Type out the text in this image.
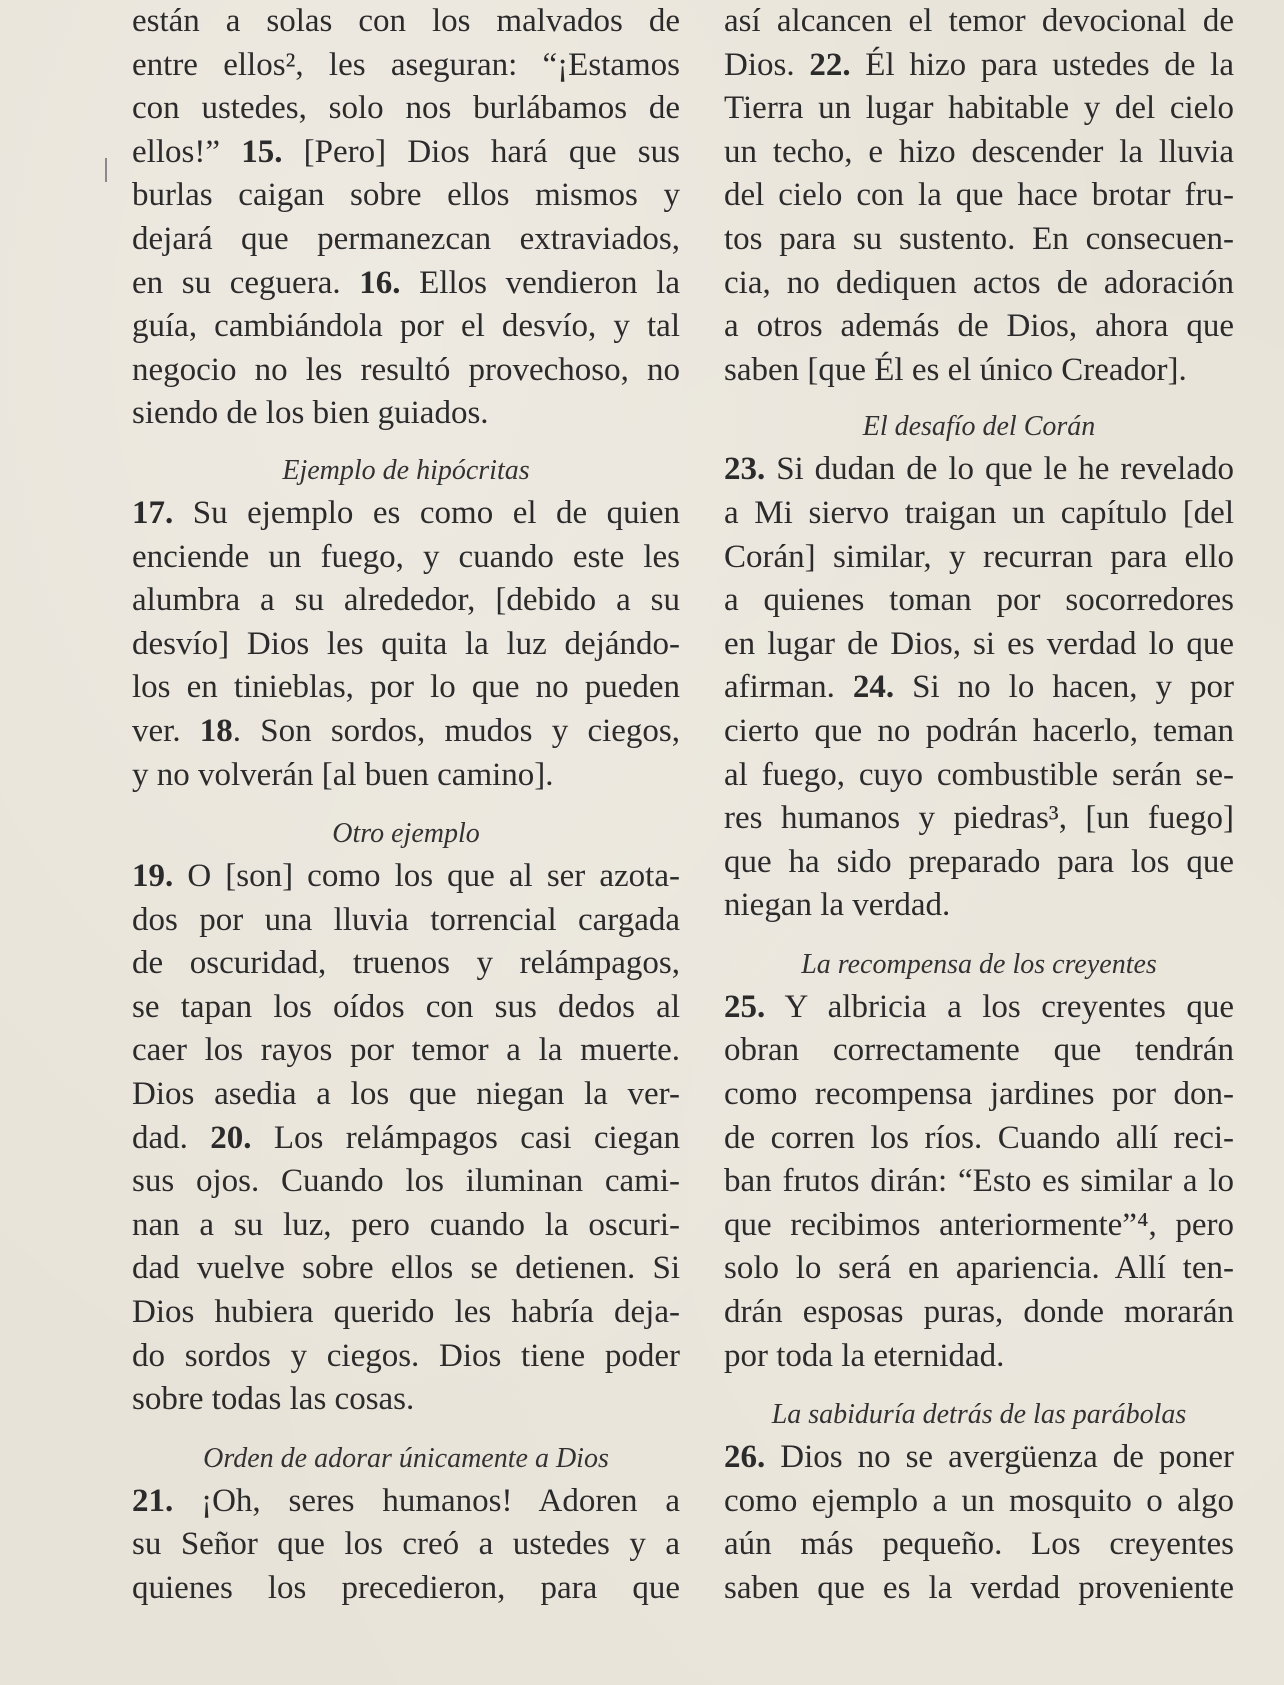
están a solas con los malvados de
entre ellos², les aseguran: “¡Estamos
con ustedes, solo nos burlábamos de
ellos!” 15. [Pero] Dios hará que sus
burlas caigan sobre ellos mismos y
dejará que permanezcan extraviados,
en su ceguera. 16. Ellos vendieron la
guía, cambiándola por el desvío, y tal
negocio no les resultó provechoso, no
siendo de los bien guiados.

Ejemplo de hipócritas

17. Su ejemplo es como el de quien
enciende un fuego, y cuando este les
alumbra a su alrededor, [debido a su
desvío] Dios les quita la luz dejándo-
los en tinieblas, por lo que no pueden
ver. 18. Son sordos, mudos y ciegos,
y no volverán [al buen camino].

Otro ejemplo

19. O [son] como los que al ser azota-
dos por una lluvia torrencial cargada
de oscuridad, truenos y relámpagos,
se tapan los oídos con sus dedos al
caer los rayos por temor a la muerte.
Dios asedia a los que niegan la ver-
dad. 20. Los relámpagos casi ciegan
sus ojos. Cuando los iluminan cami-
nan a su luz, pero cuando la oscuri-
dad vuelve sobre ellos se detienen. Si
Dios hubiera querido les habría deja-
do sordos y ciegos. Dios tiene poder
sobre todas las cosas.

Orden de adorar únicamente a Dios

21. ¡Oh, seres humanos! Adoren a
su Señor que los creó a ustedes y a
quienes los precedieron, para que

así alcancen el temor devocional de
Dios. 22. Él hizo para ustedes de la
Tierra un lugar habitable y del cielo
un techo, e hizo descender la lluvia
del cielo con la que hace brotar fru-
tos para su sustento. En consecuen-
cia, no dediquen actos de adoración
a otros además de Dios, ahora que
saben [que Él es el único Creador].

El desafío del Corán

23. Si dudan de lo que le he revelado
a Mi siervo traigan un capítulo [del
Corán] similar, y recurran para ello
a quienes toman por socorredores
en lugar de Dios, si es verdad lo que
afirman. 24. Si no lo hacen, y por
cierto que no podrán hacerlo, teman
al fuego, cuyo combustible serán se-
res humanos y piedras³, [un fuego]
que ha sido preparado para los que
niegan la verdad.

La recompensa de los creyentes

25. Y albricia a los creyentes que
obran correctamente que tendrán
como recompensa jardines por don-
de corren los ríos. Cuando allí reci-
ban frutos dirán: “Esto es similar a lo
que recibimos anteriormente”⁴, pero
solo lo será en apariencia. Allí ten-
drán esposas puras, donde morarán
por toda la eternidad.

La sabiduría detrás de las parábolas

26. Dios no se avergüenza de poner
como ejemplo a un mosquito o algo
aún más pequeño. Los creyentes
saben que es la verdad proveniente
